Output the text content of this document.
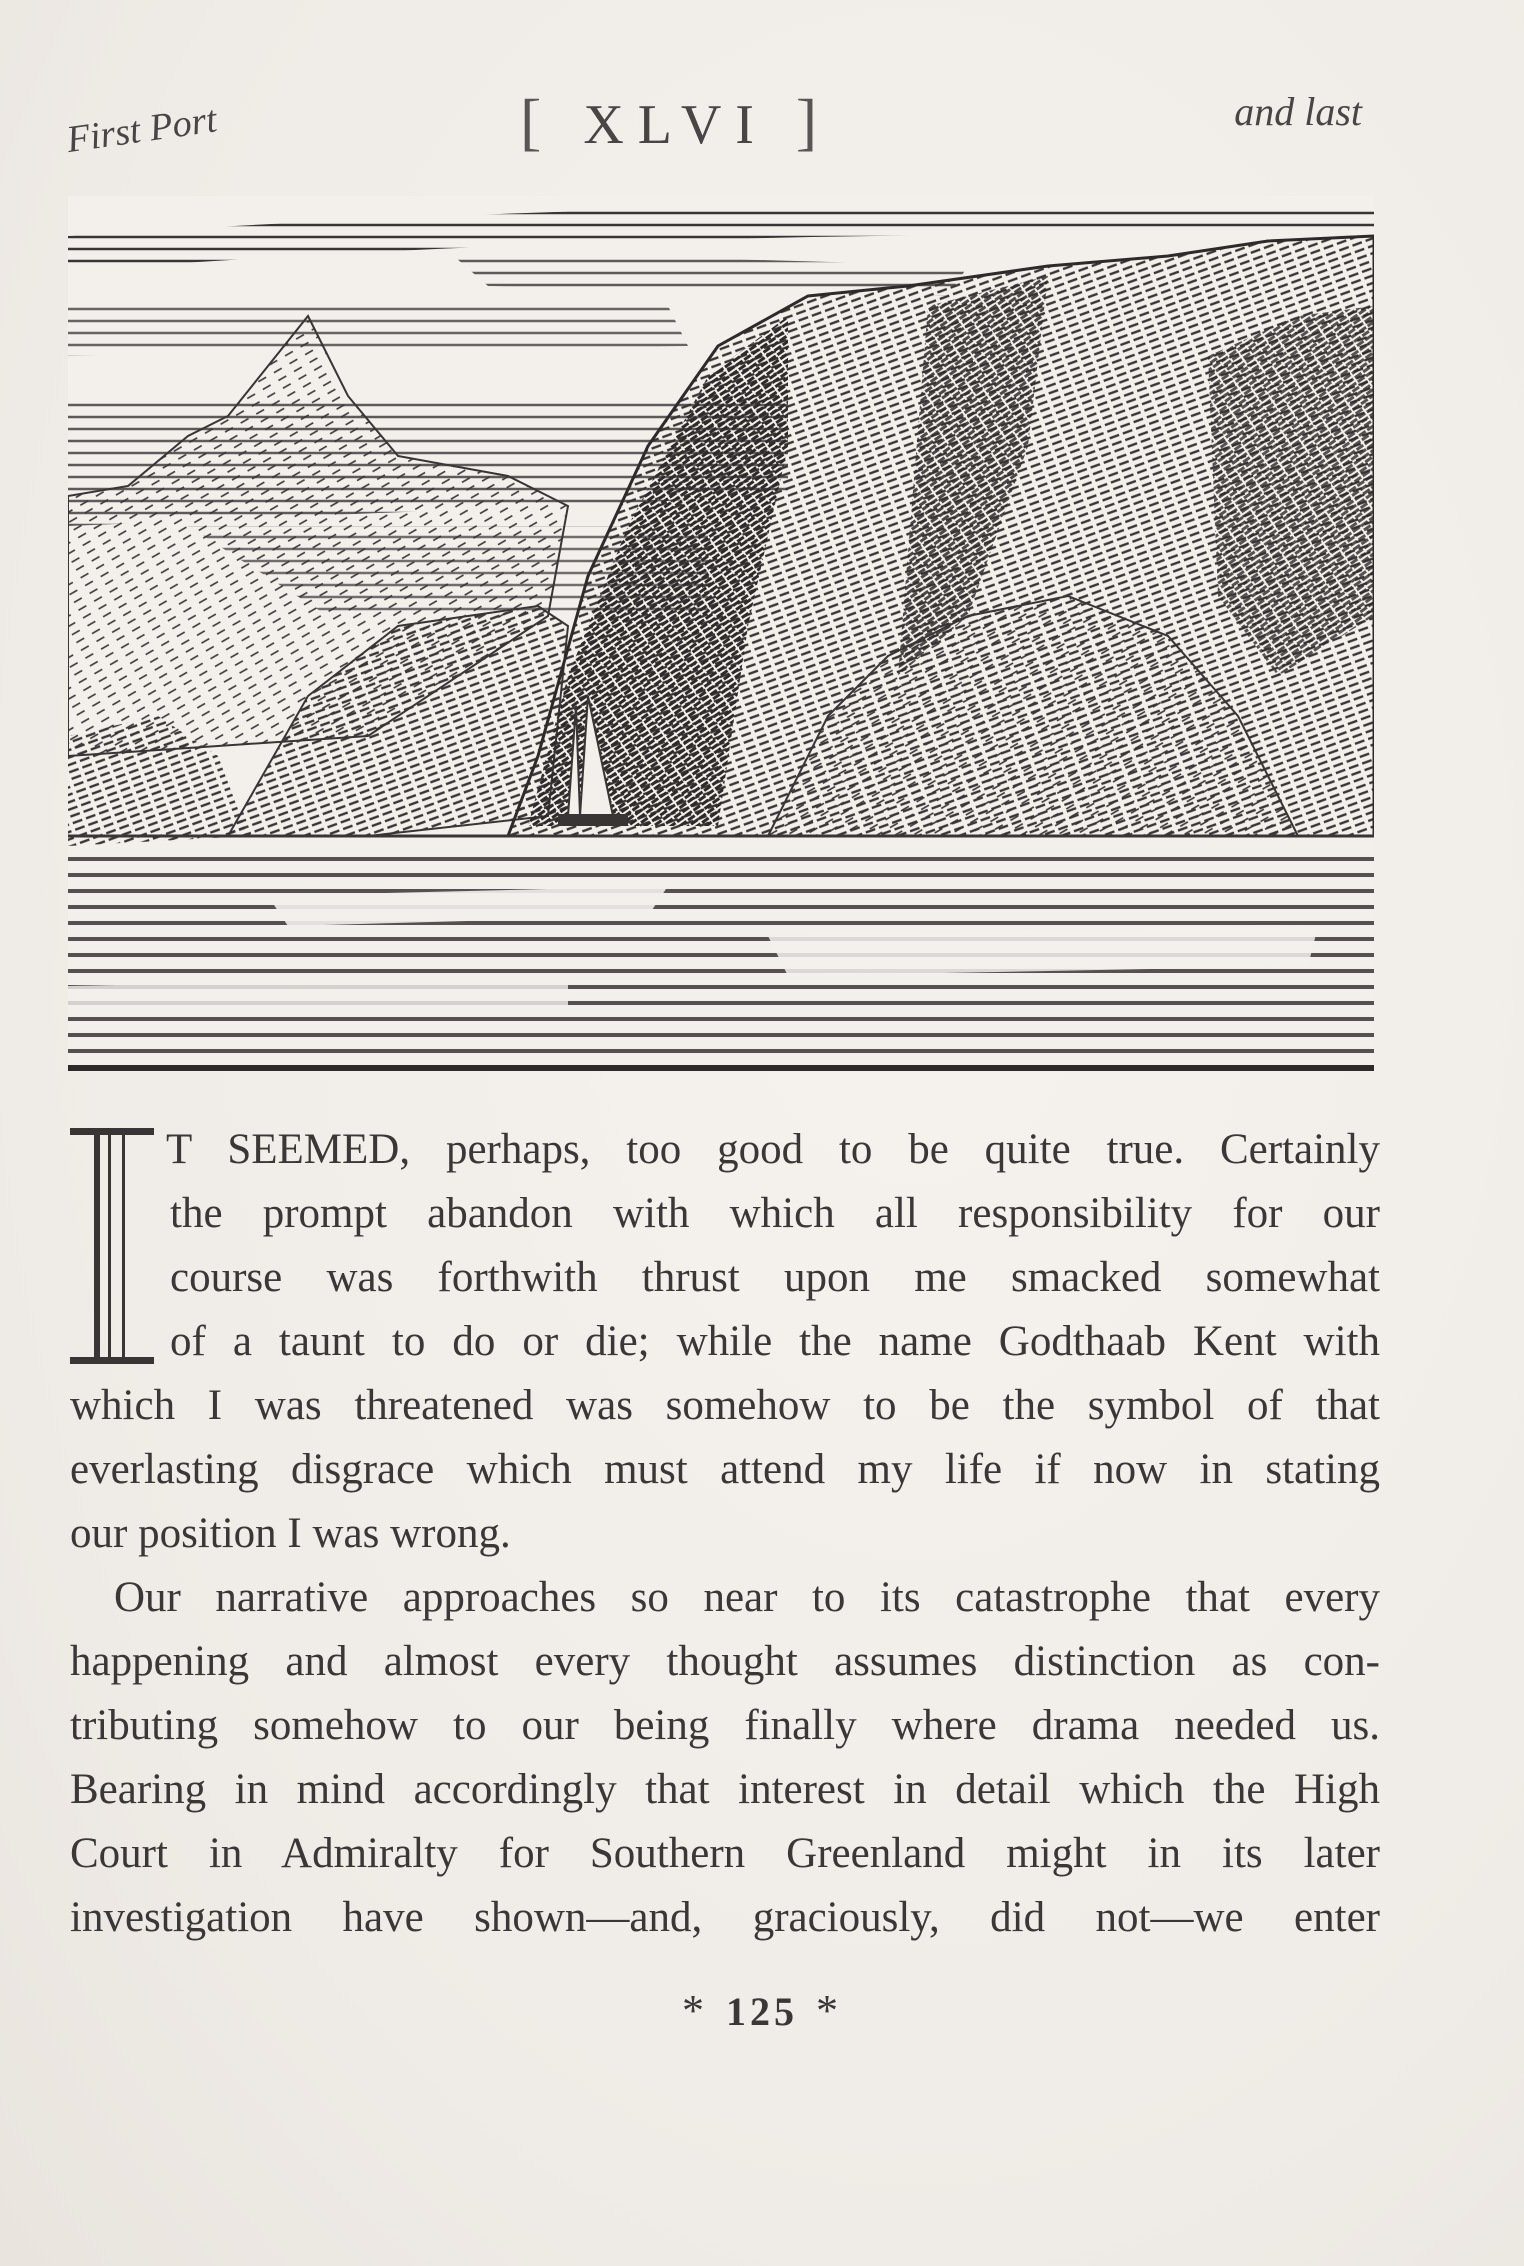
First Port	[ XLVI ]	and last
T SEEMED, perhaps, too good to be quite true. Certainly
the prompt abandon with which all responsibility for our
course was forthwith thrust upon me smacked somewhat
of a taunt to do or die; while the name Godthaab Kent with
which I was threatened was somehow to be the symbol of that
everlasting disgrace which must attend my life if now in stating
our position I was wrong.
Our narrative approaches so near to its catastrophe that every
happening and almost every thought assumes distinction as con-
tributing somehow to our being finally where drama needed us.
Bearing in mind accordingly that interest in detail which the High
Court in Admiralty for Southern Greenland might in its later
investigation have shown—and, graciously, did not—we enter
* 125 *
